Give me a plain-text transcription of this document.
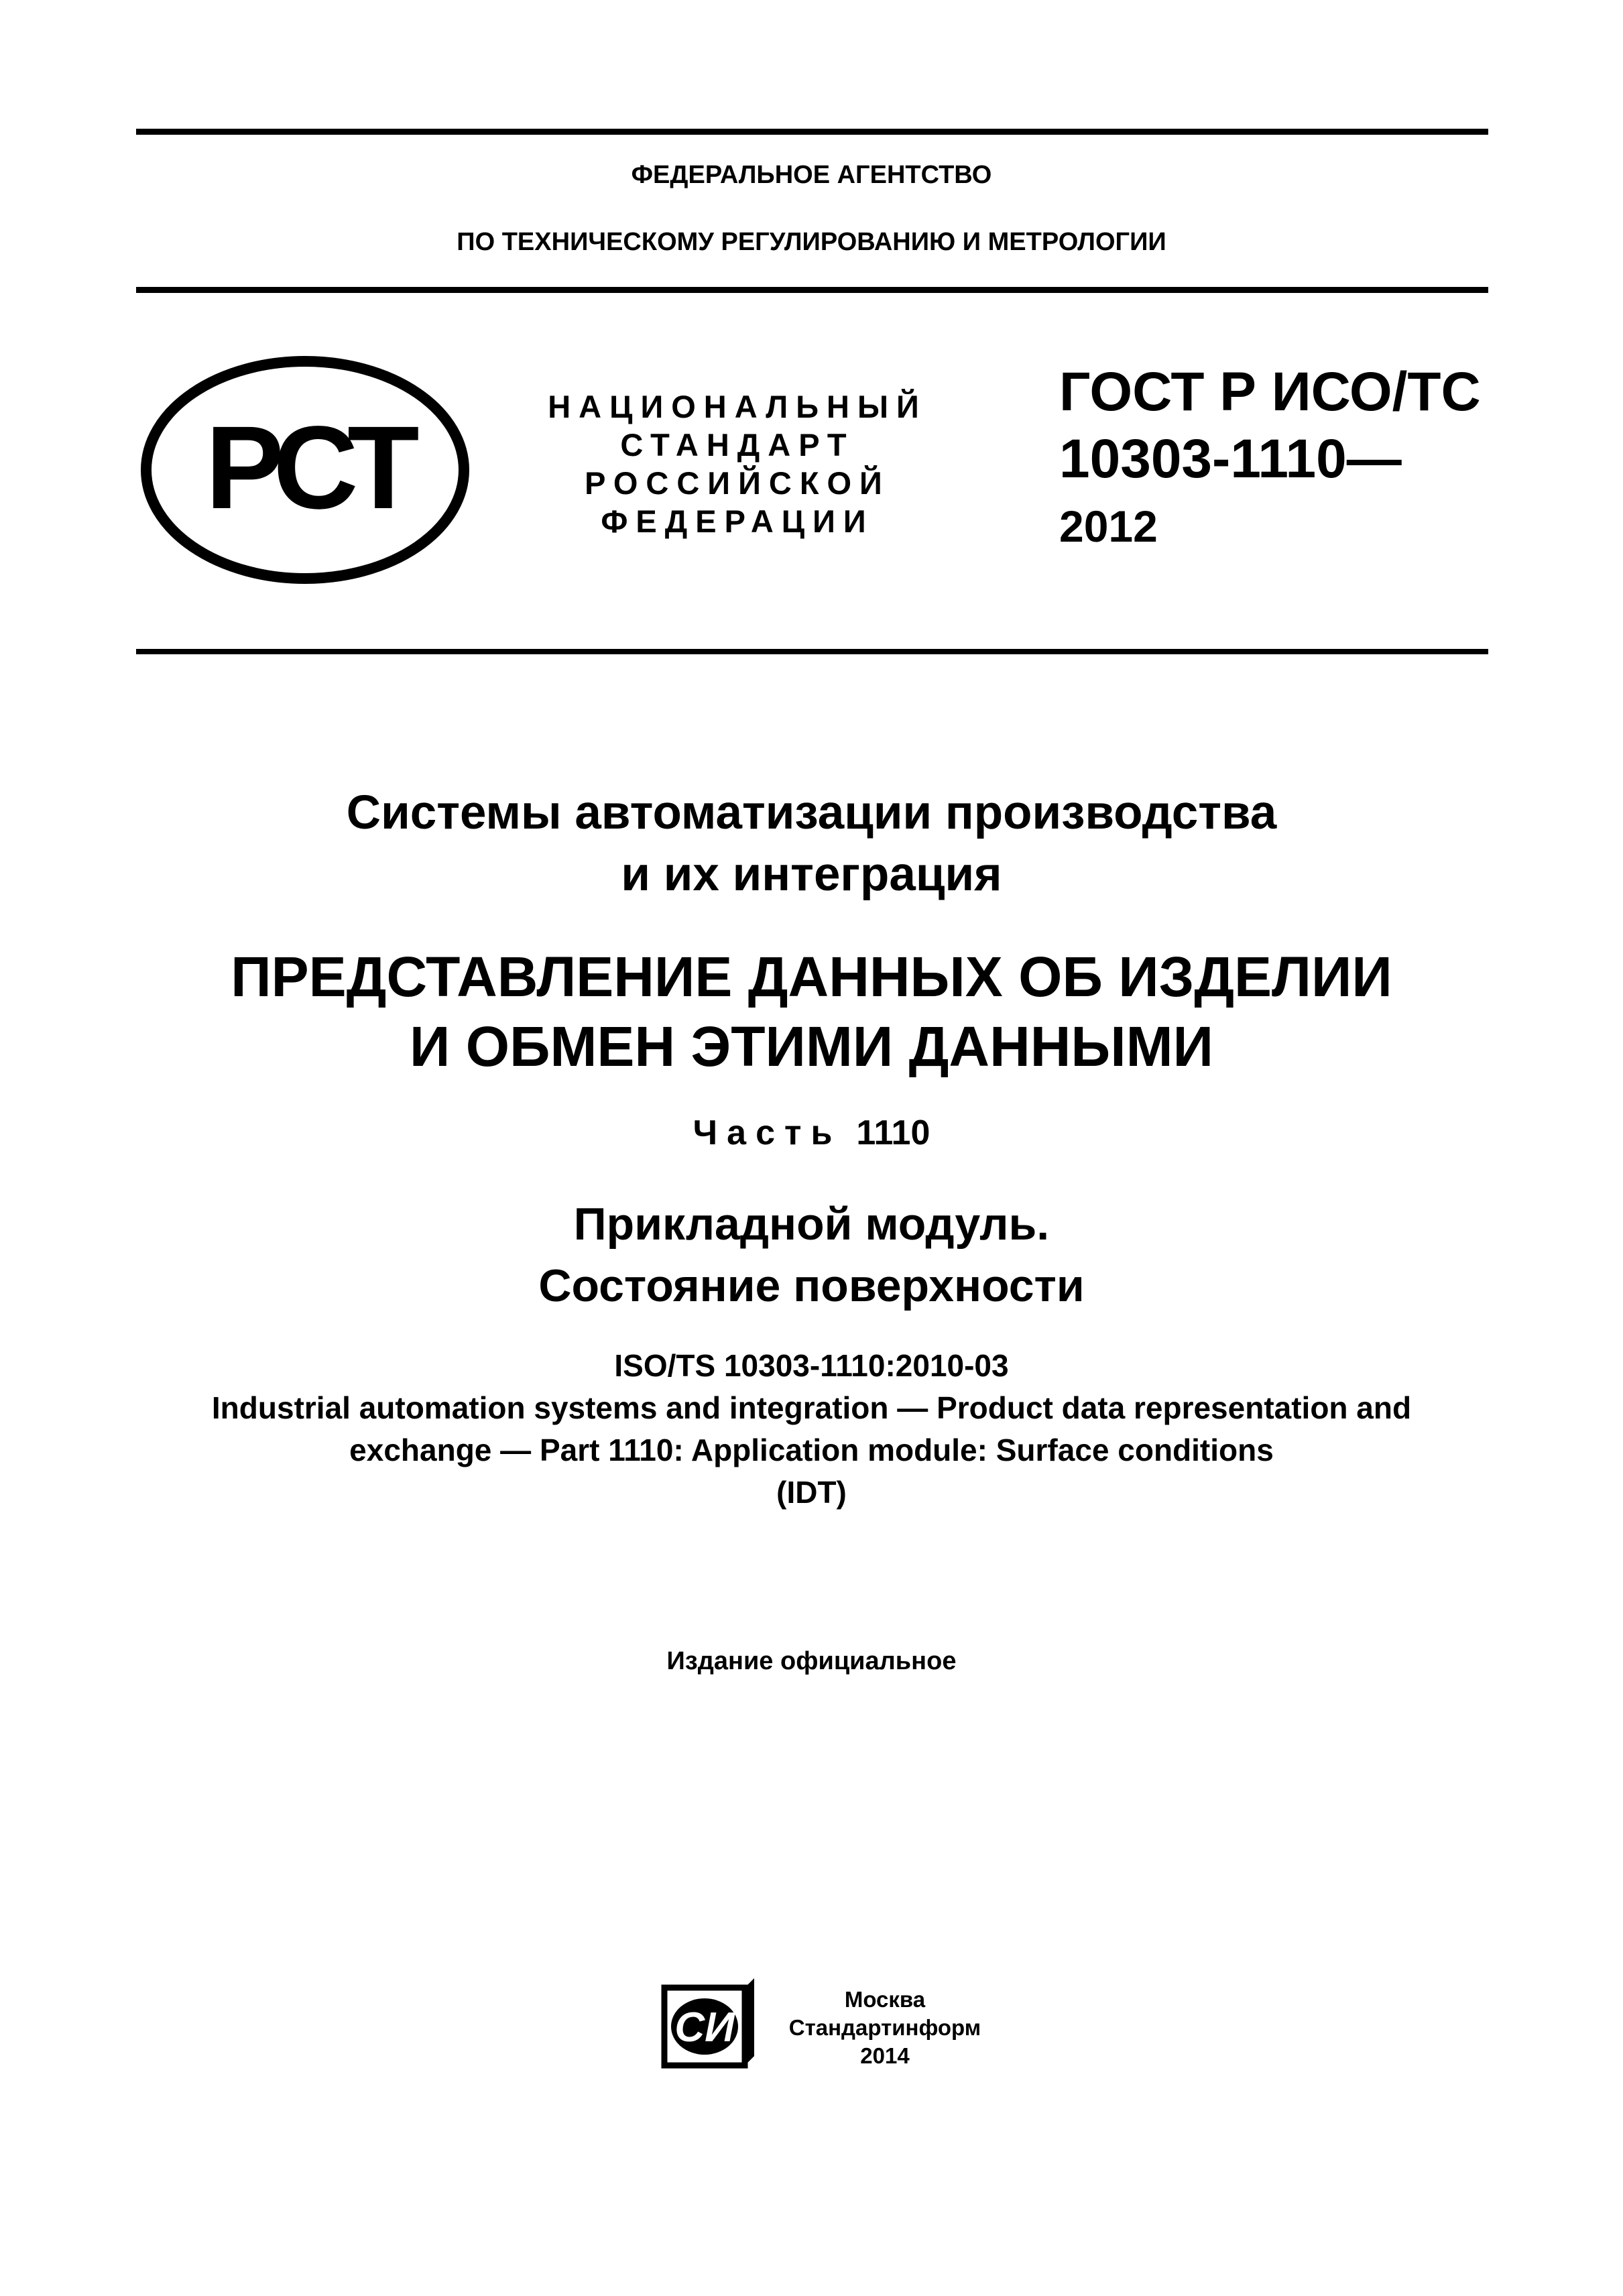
ФЕДЕРАЛЬНОЕ АГЕНТСТВО
ПО ТЕХНИЧЕСКОМУ РЕГУЛИРОВАНИЮ И МЕТРОЛОГИИ
РСТ	НАЦИОНАЛЬНЫЙ
СТАНДАРТ
РОССИЙСКОЙ
ФЕДЕРАЦИИ
ГОСТ Р ИСО/ТС
10303-1110—
2012
Системы автоматизации производства
и их интеграция
ПРЕДСТАВЛЕНИЕ ДАННЫХ ОБ ИЗДЕЛИИ
И ОБМЕН ЭТИМИ ДАННЫМИ
Часть 1110
Прикладной модуль.
Состояние поверхности
ISO/TS 10303-1110:2010-03
Industrial automation systems and integration — Product data representation and
exchange — Part 1110: Application module: Surface conditions
(IDT)
Издание официальное
СИ
Москва
Стандартинформ
2014
